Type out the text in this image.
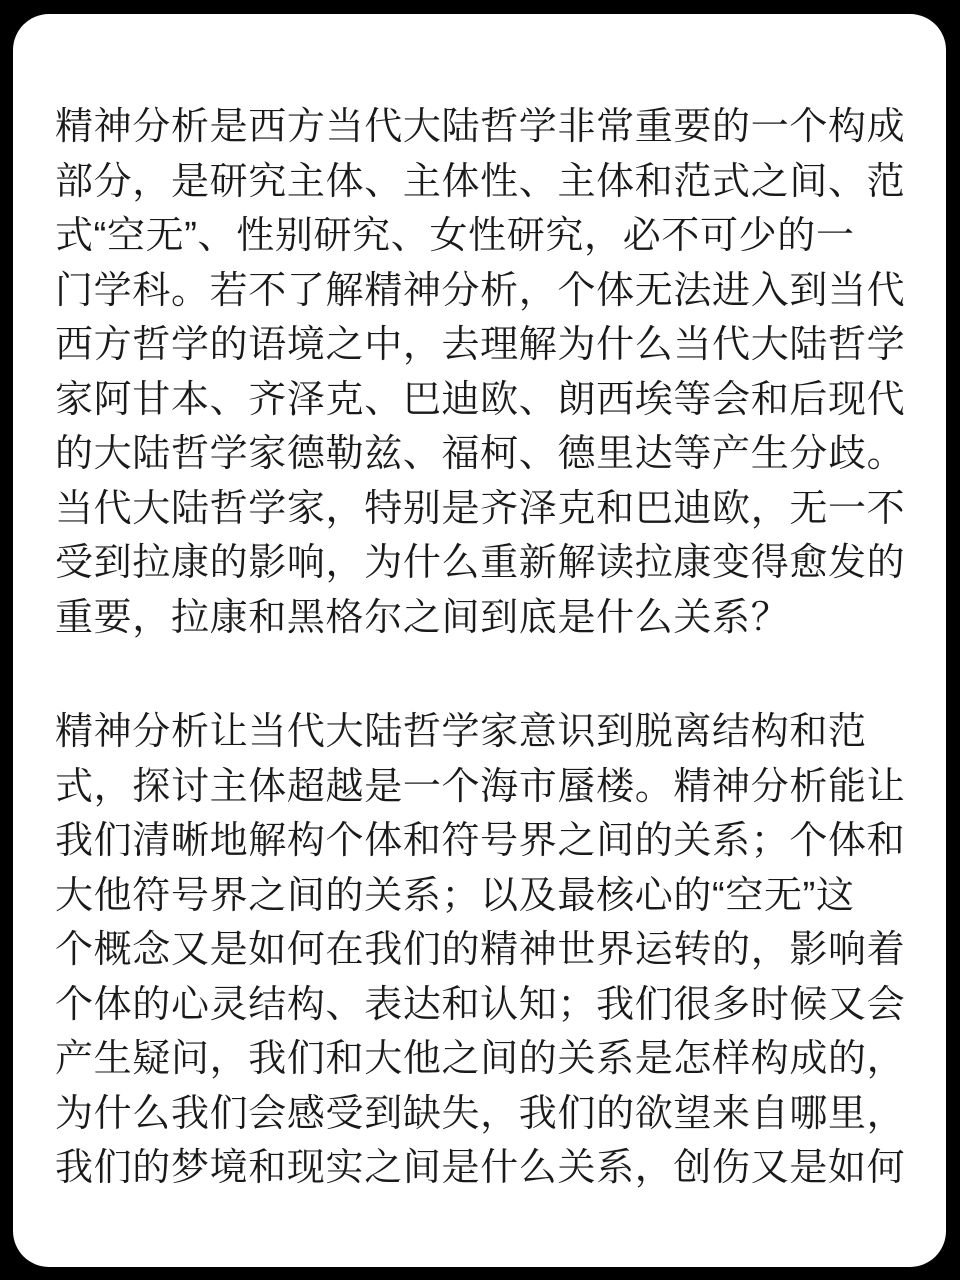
精神分析是西方当代大陆哲学非常重要的一个构成
部分，是研究主体、主体性、主体和范式之间、范
式“空无”、性别研究、女性研究，必不可少的一
门学科。若不了解精神分析，个体无法进入到当代
西方哲学的语境之中，去理解为什么当代大陆哲学
家阿甘本、齐泽克、巴迪欧、朗西埃等会和后现代
的大陆哲学家德勒兹、福柯、德里达等产生分歧。
当代大陆哲学家，特别是齐泽克和巴迪欧，无一不
受到拉康的影响，为什么重新解读拉康变得愈发的
重要，拉康和黑格尔之间到底是什么关系？
精神分析让当代大陆哲学家意识到脱离结构和范
式，探讨主体超越是一个海市蜃楼。精神分析能让
我们清晰地解构个体和符号界之间的关系；个体和
大他符号界之间的关系；以及最核心的“空无”这
个概念又是如何在我们的精神世界运转的，影响着
个体的心灵结构、表达和认知；我们很多时候又会
产生疑问，我们和大他之间的关系是怎样构成的，
为什么我们会感受到缺失，我们的欲望来自哪里，
我们的梦境和现实之间是什么关系，创伤又是如何
